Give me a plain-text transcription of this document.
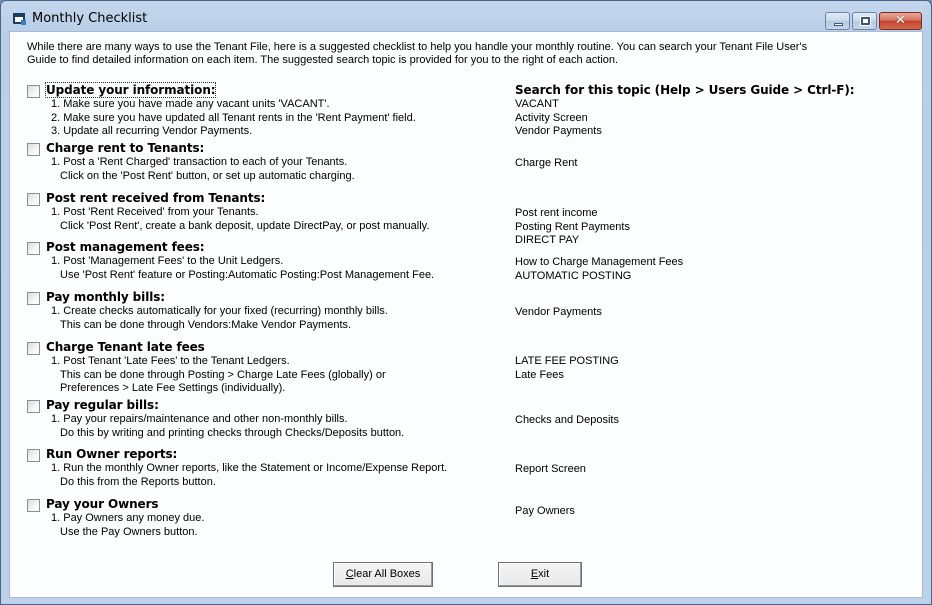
Monthly Checklist	✕
While there are many ways to use the Tenant File, here is a suggested checklist to help you handle your monthly routine. You can search your Tenant File User's
Guide to find detailed information on each item. The suggested search topic is provided for you to the right of each action.
Search for this topic (Help > Users Guide > Ctrl-F):
Update your information:
1. Make sure you have made any vacant units 'VACANT'.
2. Make sure you have updated all Tenant rents in the 'Rent Payment' field.
3. Update all recurring Vendor Payments.
VACANT
Activity Screen
Vendor Payments
Charge rent to Tenants:
1. Post a 'Rent Charged' transaction to each of your Tenants.
Click on the 'Post Rent' button, or set up automatic charging.
Charge Rent
Post rent received from Tenants:
1. Post 'Rent Received' from your Tenants.
Click 'Post Rent', create a bank deposit, update DirectPay, or post manually.
Post rent income
Posting Rent Payments
DIRECT PAY
Post management fees:
1. Post 'Management Fees' to the Unit Ledgers.
Use 'Post Rent' feature or Posting:Automatic Posting:Post Management Fee.
How to Charge Management Fees
AUTOMATIC POSTING
Pay monthly bills:
1. Create checks automatically for your fixed (recurring) monthly bills.
This can be done through Vendors:Make Vendor Payments.
Vendor Payments
Charge Tenant late fees
1. Post Tenant 'Late Fees' to the Tenant Ledgers.
This can be done through Posting > Charge Late Fees (globally) or
Preferences > Late Fee Settings (individually).
LATE FEE POSTING
Late Fees
Pay regular bills:
1. Pay your repairs/maintenance and other non-monthly bills.
Do this by writing and printing checks through Checks/Deposits button.
Checks and Deposits
Run Owner reports:
1. Run the monthly Owner reports, like the Statement or Income/Expense Report.
Do this from the Reports button.
Report Screen
Pay your Owners
1. Pay Owners any money due.
Use the Pay Owners button.
Pay Owners
Clear All Boxes	Exit
